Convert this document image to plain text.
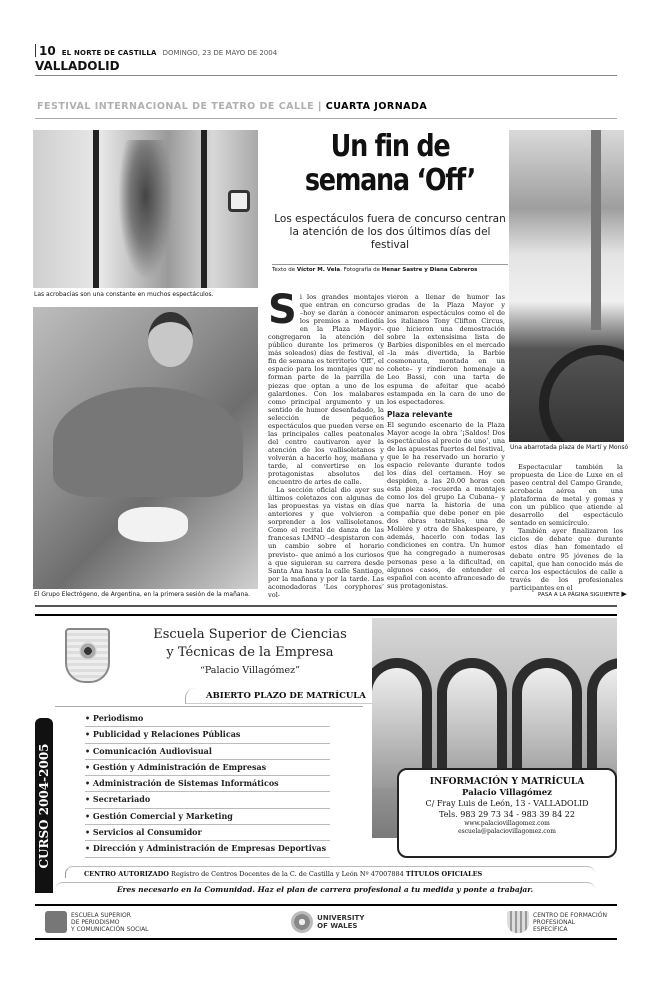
10 EL NORTE DE CASTILLA DOMINGO, 23 DE MAYO DE 2004
VALLADOLID
FESTIVAL INTERNACIONAL DE TEATRO DE CALLE | CUARTA JORNADA
Las acrobacias son una constante en muchos espectáculos.
El Grupo Electrógeno, de Argentina, en la primera sesión de la mañana.
Una abarrotada plaza de Martí y Monsó
Un fin de
semana ‘Off’
Los espectáculos fuera de concurso centran la atención de los dos últimos días del festival
Texto de Víctor M. Vela. Fotografía de Henar Sastre y Diana Cabreros
S i los grandes montajes que entran en concurso –hoy se darán a conocer los premios a mediodía en la Plaza Mayor– congregaron la atención del público durante los primeros (y más soleados) días de festival, el fin de semana es territorio ‘Off’, el espacio para los montajes que no forman parte de la parrilla de piezas que optan a uno de los galardones. Con los malabares como principal argumento y un sentido de humor desenfadado, la selección de pequeños espectáculos que pueden verse en las principales calles peatonales del centro cautivaron ayer la atención de los vallisoletanos y volverán a hacerlo hoy, mañana y tarde, al convertirse en los protagonistas absolutos del encuentro de artes de calle.

La sección oficial dio ayer sus últimos coletazos con algunas de las propuestas ya vistas en días anteriores y que volvieron a sorprender a los vallisoletanos. Como el recital de danza de las francesas LMNO –despistaron con un cambio sobre el horario previsto– que animó a los curiosos a que siguieran su carrera desde Santa Ana hasta la calle Santiago, por la mañana y por la tarde. Las acomodadoras ‘Les coryphores’ vol-

vieron a llenar de humor las gradas de la Plaza Mayor y animaron espectáculos como el de los italianos Tony Clifton Circus, que hicieron una demostración sobre la extensísima lista de Barbies disponibles en el mercado –la más divertida, la Barbie cosmonauta, montada en un cohete– y rindieron homenaje a Leo Bassi, con una tarta de espuma de afeitar que acabó estampada en la cara de uno de los espectadores.

Plaza relevante

El segundo escenario de la Plaza Mayor acoge la obra ‘¡Saldos! Dos espectáculos al precio de uno’, una de las apuestas fuertes del festival, que le ha reservado un horario y espacio relevante durante todos los días del certamen. Hoy se despiden, a las 20.00 horas con esta pieza –recuerda a montajes como los del grupo La Cubana– y que narra la historia de una compañía que debe poner en pie dos obras teatrales, una de Molière y otra de Shakespeare, y además, hacerlo con todas las condiciones en contra. Un humor que ha congregado a numerosas personas pese a la dificultad, en algunos casos, de entender el español con acento afrancesado de sus protagonistas.

Espectacular también la propuesta de Lice de Luxe en el paseo central del Campo Grande, acrobacia aérea en una plataforma de metal y gomas y con un público que atiende al desarrollo del espectáculo sentado en semicírculo.

También ayer finalizaron los ciclos de debate que durante estos días han fomentado el debate entre 95 jóvenes de la capital, que han conocido más de cerca los espectáculos de calle a través de los profesionales participantes en el

PASA A LA PÁGINA SIGUIENTE ▶
Escuela Superior de Ciencias
y Técnicas de la Empresa
“Palacio Villagómez”
ABIERTO PLAZO DE MATRÍCULA
CURSO 2004-2005
• Periodismo
• Publicidad y Relaciones Públicas
• Comunicación Audiovisual
• Gestión y Administración de Empresas
• Administración de Sistemas Informáticos
• Secretariado
• Gestión Comercial y Marketing
• Servicios al Consumidor
• Dirección y Administración de Empresas Deportivas
INFORMACIÓN Y MATRÍCULA
Palacio Villagómez
C/ Fray Luis de León, 13 - VALLADOLID
Tels. 983 29 73 34 - 983 39 84 22
www.palaciovillagomez.com
escuela@palaciovillagomez.com
CENTRO AUTORIZADO Registro de Centros Docentes de la C. de Castilla y León Nº 47007884 TÍTULOS OFICIALES
Eres necesario en la Comunidad. Haz el plan de carrera profesional a tu medida y ponte a trabajar.
ESCUELA SUPERIOR
DE PERIODISMO
Y COMUNICACIÓN SOCIAL
UNIVERSITY
OF WALES
CENTRO DE FORMACIÓN
PROFESIONAL
ESPECÍFICA
